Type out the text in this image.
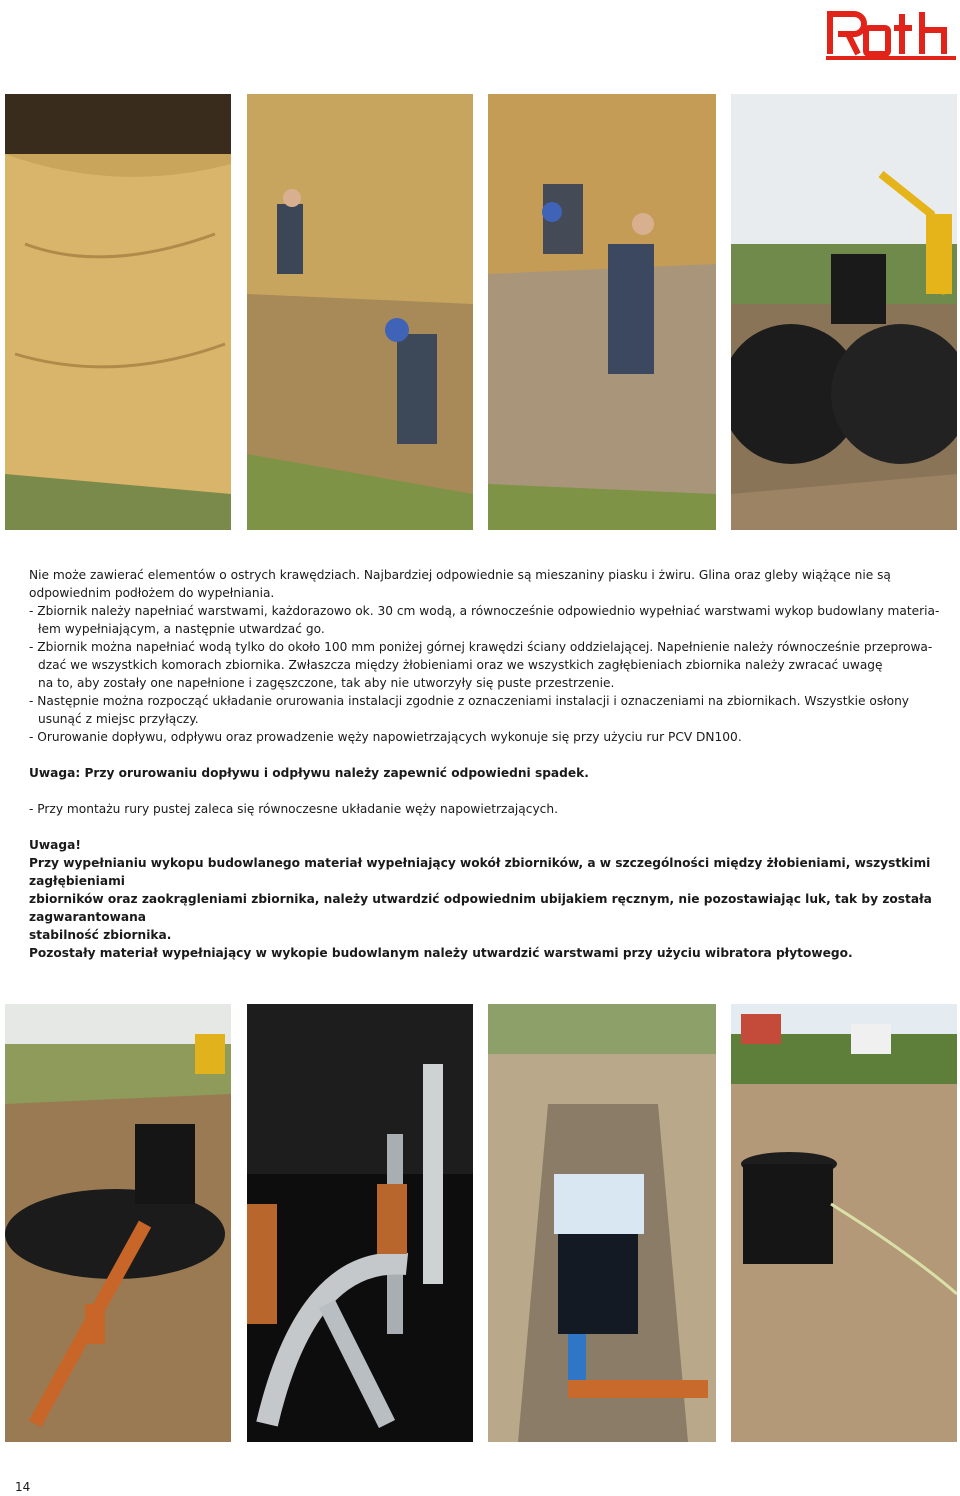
Nie może zawierać elementów o ostrych krawędziach. Najbardziej odpowiednie są mieszaniny piasku i żwiru. Glina oraz gleby wiążące nie są

odpowiednim podłożem do wypełniania.

- Zbiornik należy napełniać warstwami, każdorazowo ok. 30 cm wodą, a równocześnie odpowiednio wypełniać warstwami wykop budowlany materia-

łem wypełniającym, a następnie utwardzać go.

- Zbiornik można napełniać wodą tylko do około 100 mm poniżej górnej krawędzi ściany oddzielającej. Napełnienie należy równocześnie przeprowa-

dzać we wszystkich komorach zbiornika. Zwłaszcza między żłobieniami oraz we wszystkich zagłębieniach zbiornika należy zwracać uwagę

na to, aby zostały one napełnione i zagęszczone, tak aby nie utworzyły się puste przestrzenie.

- Następnie można rozpocząć układanie orurowania instalacji zgodnie z oznaczeniami instalacji i oznaczeniami na zbiornikach. Wszystkie osłony

usunąć z miejsc przyłączy.

- Orurowanie dopływu, odpływu oraz prowadzenie węży napowietrzających wykonuje się przy użyciu rur PCV DN100.

Uwaga: Przy orurowaniu dopływu i odpływu należy zapewnić odpowiedni spadek.

- Przy montażu rury pustej zaleca się równoczesne układanie węży napowietrzających.

Uwaga!

Przy wypełnianiu wykopu budowlanego materiał wypełniający wokół zbiorników, a w szczególności między żłobieniami, wszystkimi zagłębieniami

zbiorników oraz zaokrągleniami zbiornika, należy utwardzić odpowiednim ubijakiem ręcznym, nie pozostawiając luk, tak by została zagwarantowana

stabilność zbiornika.

Pozostały materiał wypełniający w wykopie budowlanym należy utwardzić warstwami przy użyciu wibratora płytowego.

14
